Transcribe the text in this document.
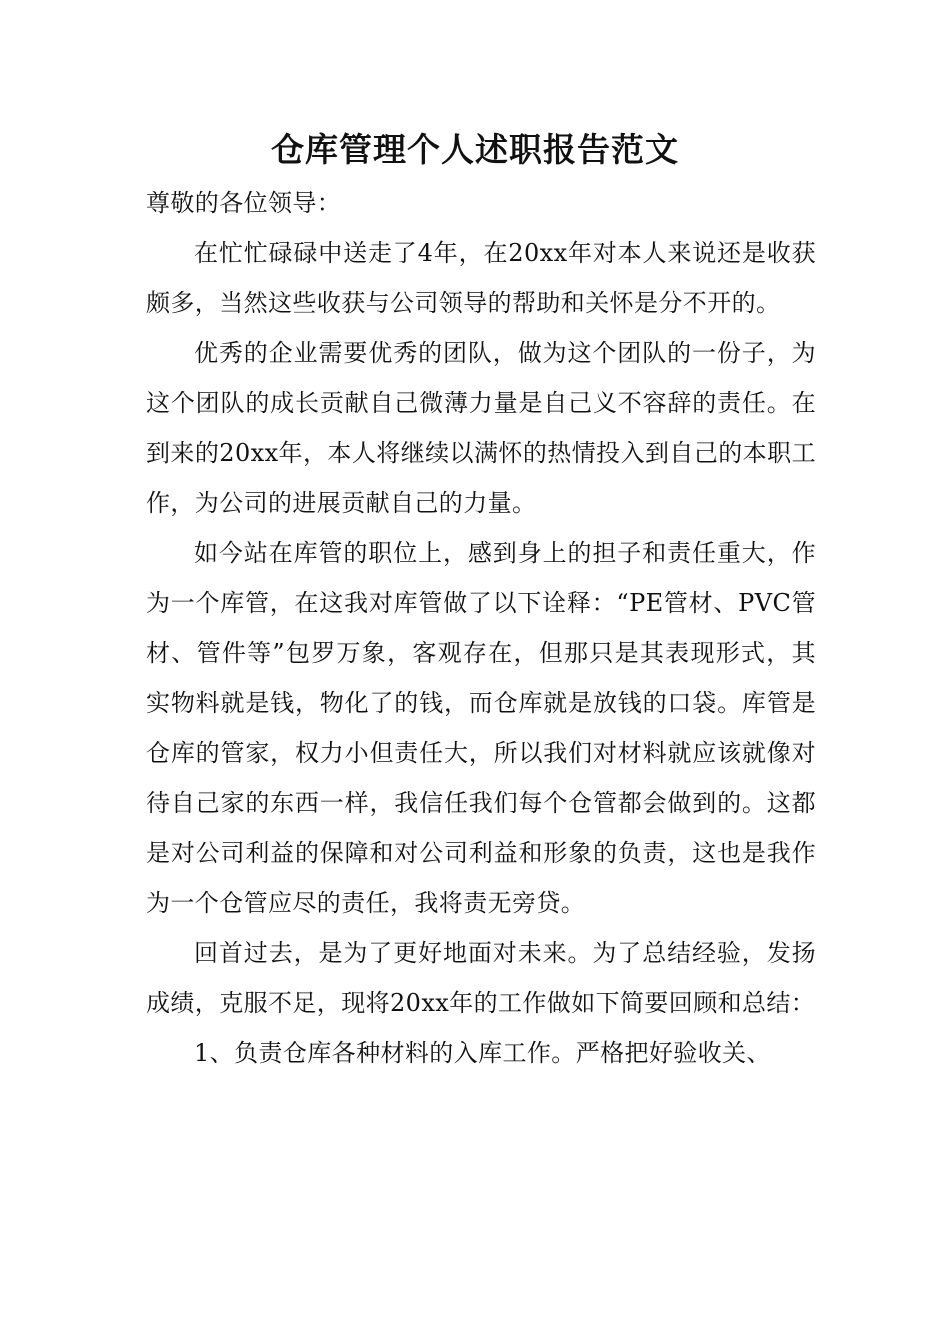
仓库管理个人述职报告范文

尊敬的各位领导：

在忙忙碌碌中送走了4年，在20xx年对本人来说还是收获颇多，当然这些收获与公司领导的帮助和关怀是分不开的。

优秀的企业需要优秀的团队，做为这个团队的一份子，为这个团队的成长贡献自己微薄力量是自己义不容辞的责任。在到来的20xx年，本人将继续以满怀的热情投入到自己的本职工作，为公司的进展贡献自己的力量。

如今站在库管的职位上，感到身上的担子和责任重大，作为一个库管，在这我对库管做了以下诠释：“PE管材、PVC管材、管件等”包罗万象，客观存在，但那只是其表现形式，其实物料就是钱，物化了的钱，而仓库就是放钱的口袋。库管是仓库的管家，权力小但责任大，所以我们对材料就应该就像对待自己家的东西一样，我信任我们每个仓管都会做到的。这都是对公司利益的保障和对公司利益和形象的负责，这也是我作为一个仓管应尽的责任，我将责无旁贷。

回首过去，是为了更好地面对未来。为了总结经验，发扬成绩，克服不足，现将20xx年的工作做如下简要回顾和总结：

1、负责仓库各种材料的入库工作。严格把好验收关、
